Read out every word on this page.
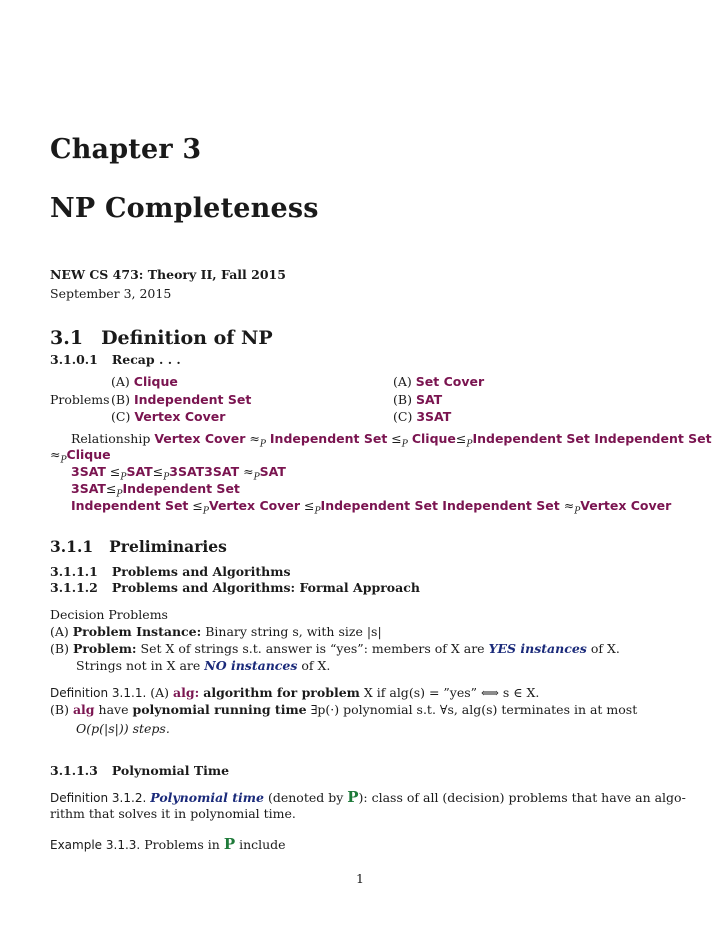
Chapter 3
NP Completeness
NEW CS 473: Theory II, Fall 2015
September 3, 2015
3.1 Definition of NP
3.1.0.1 Recap . . .
Problems
(A) Clique
(B) Independent Set
(C) Vertex Cover
(A) Set Cover
(B) SAT
(C) 3SAT
Relationship Vertex Cover $\approx_P$ Independent Set $\le_P$ $Clique\le_PIndependent$ Set Independent Set
$\approx_PClique$
$3SAT \le_PSAT\le_P3SAT3SAT \approx_PSAT$
$3SAT\le_PIndependent$ Set
Independent Set $\le_PVertex$ Cover $\le_PIndependent$ Set Independent Set $\approx_PVertex$ Cover
3.1.1 Preliminaries
3.1.1.1 Problems and Algorithms
3.1.1.2 Problems and Algorithms: Formal Approach
Decision Problems
(A) Problem Instance: Binary string s, with size |s|
(B) Problem: Set X of strings s.t. answer is “yes”: members of X are YES instances of X.
Strings not in X are NO instances of X.
Definition 3.1.1. (A) alg: algorithm for problem X if alg(s) = ”yes” ⟺ s ∈ X.
(B) alg have polynomial running time ∃p(·) polynomial s.t. ∀s, alg(s) terminates in at most
O(p(|s|)) steps.
3.1.1.3 Polynomial Time
Definition 3.1.2. Polynomial time (denoted by P): class of all (decision) problems that have an algo-
rithm that solves it in polynomial time.
Example 3.1.3. Problems in P include
1
